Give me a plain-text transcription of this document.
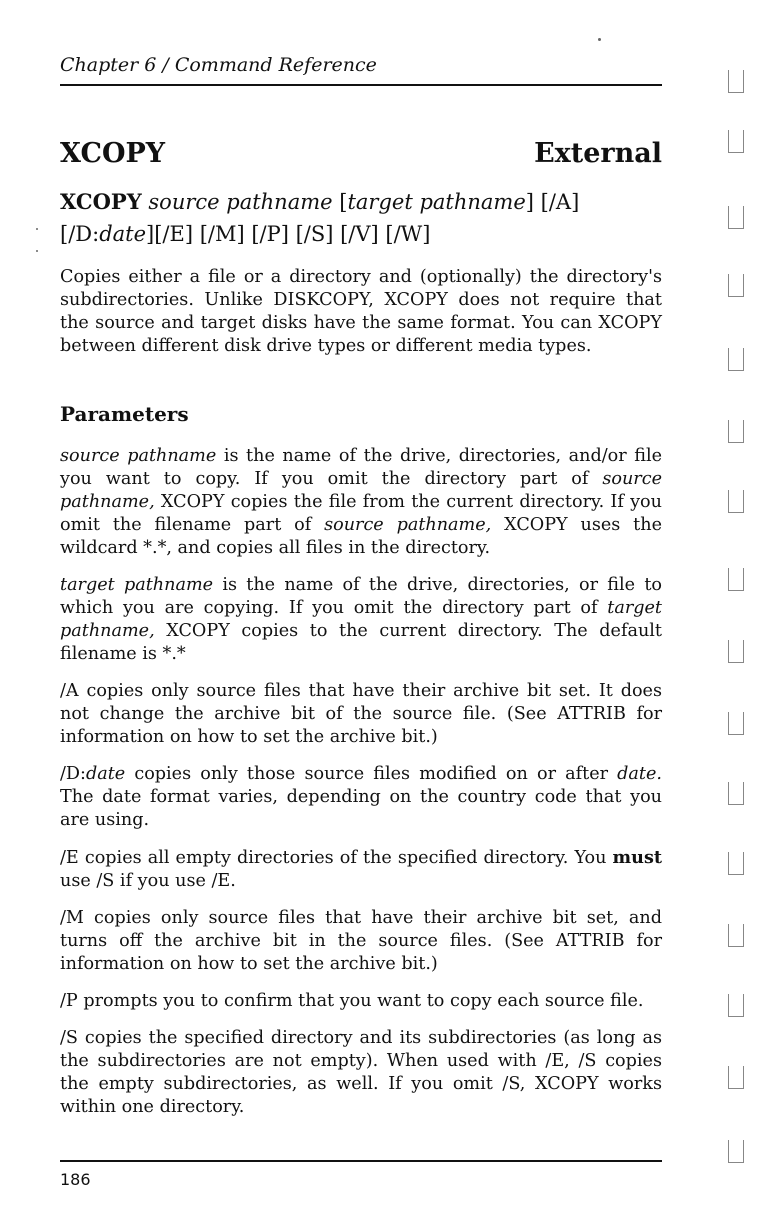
Chapter 6 / Command Reference
XCOPY	External
XCOPY source pathname [target pathname] [/A]
[/D:date][/E] [/M] [/P] [/S] [/V] [/W]

Copies either a file or a directory and (optionally) the directory's subdirectories. Unlike DISKCOPY, XCOPY does not require that the source and target disks have the same format. You can XCOPY between different disk drive types or different media types.

Parameters

source pathname is the name of the drive, directories, and/or file you want to copy. If you omit the directory part of source pathname, XCOPY copies the file from the current directory. If you omit the filename part of source pathname, XCOPY uses the wildcard *.*, and copies all files in the directory.

target pathname is the name of the drive, directories, or file to which you are copying. If you omit the directory part of target pathname, XCOPY copies to the current directory. The default filename is *.*

/A copies only source files that have their archive bit set. It does not change the archive bit of the source file. (See ATTRIB for information on how to set the archive bit.)

/D:date copies only those source files modified on or after date. The date format varies, depending on the country code that you are using.

/E copies all empty directories of the specified directory. You must use /S if you use /E.

/M copies only source files that have their archive bit set, and turns off the archive bit in the source files. (See ATTRIB for information on how to set the archive bit.)

/P prompts you to confirm that you want to copy each source file.

/S copies the specified directory and its subdirectories (as long as the subdirectories are not empty). When used with /E, /S copies the empty subdirectories, as well. If you omit /S, XCOPY works within one directory.

186
